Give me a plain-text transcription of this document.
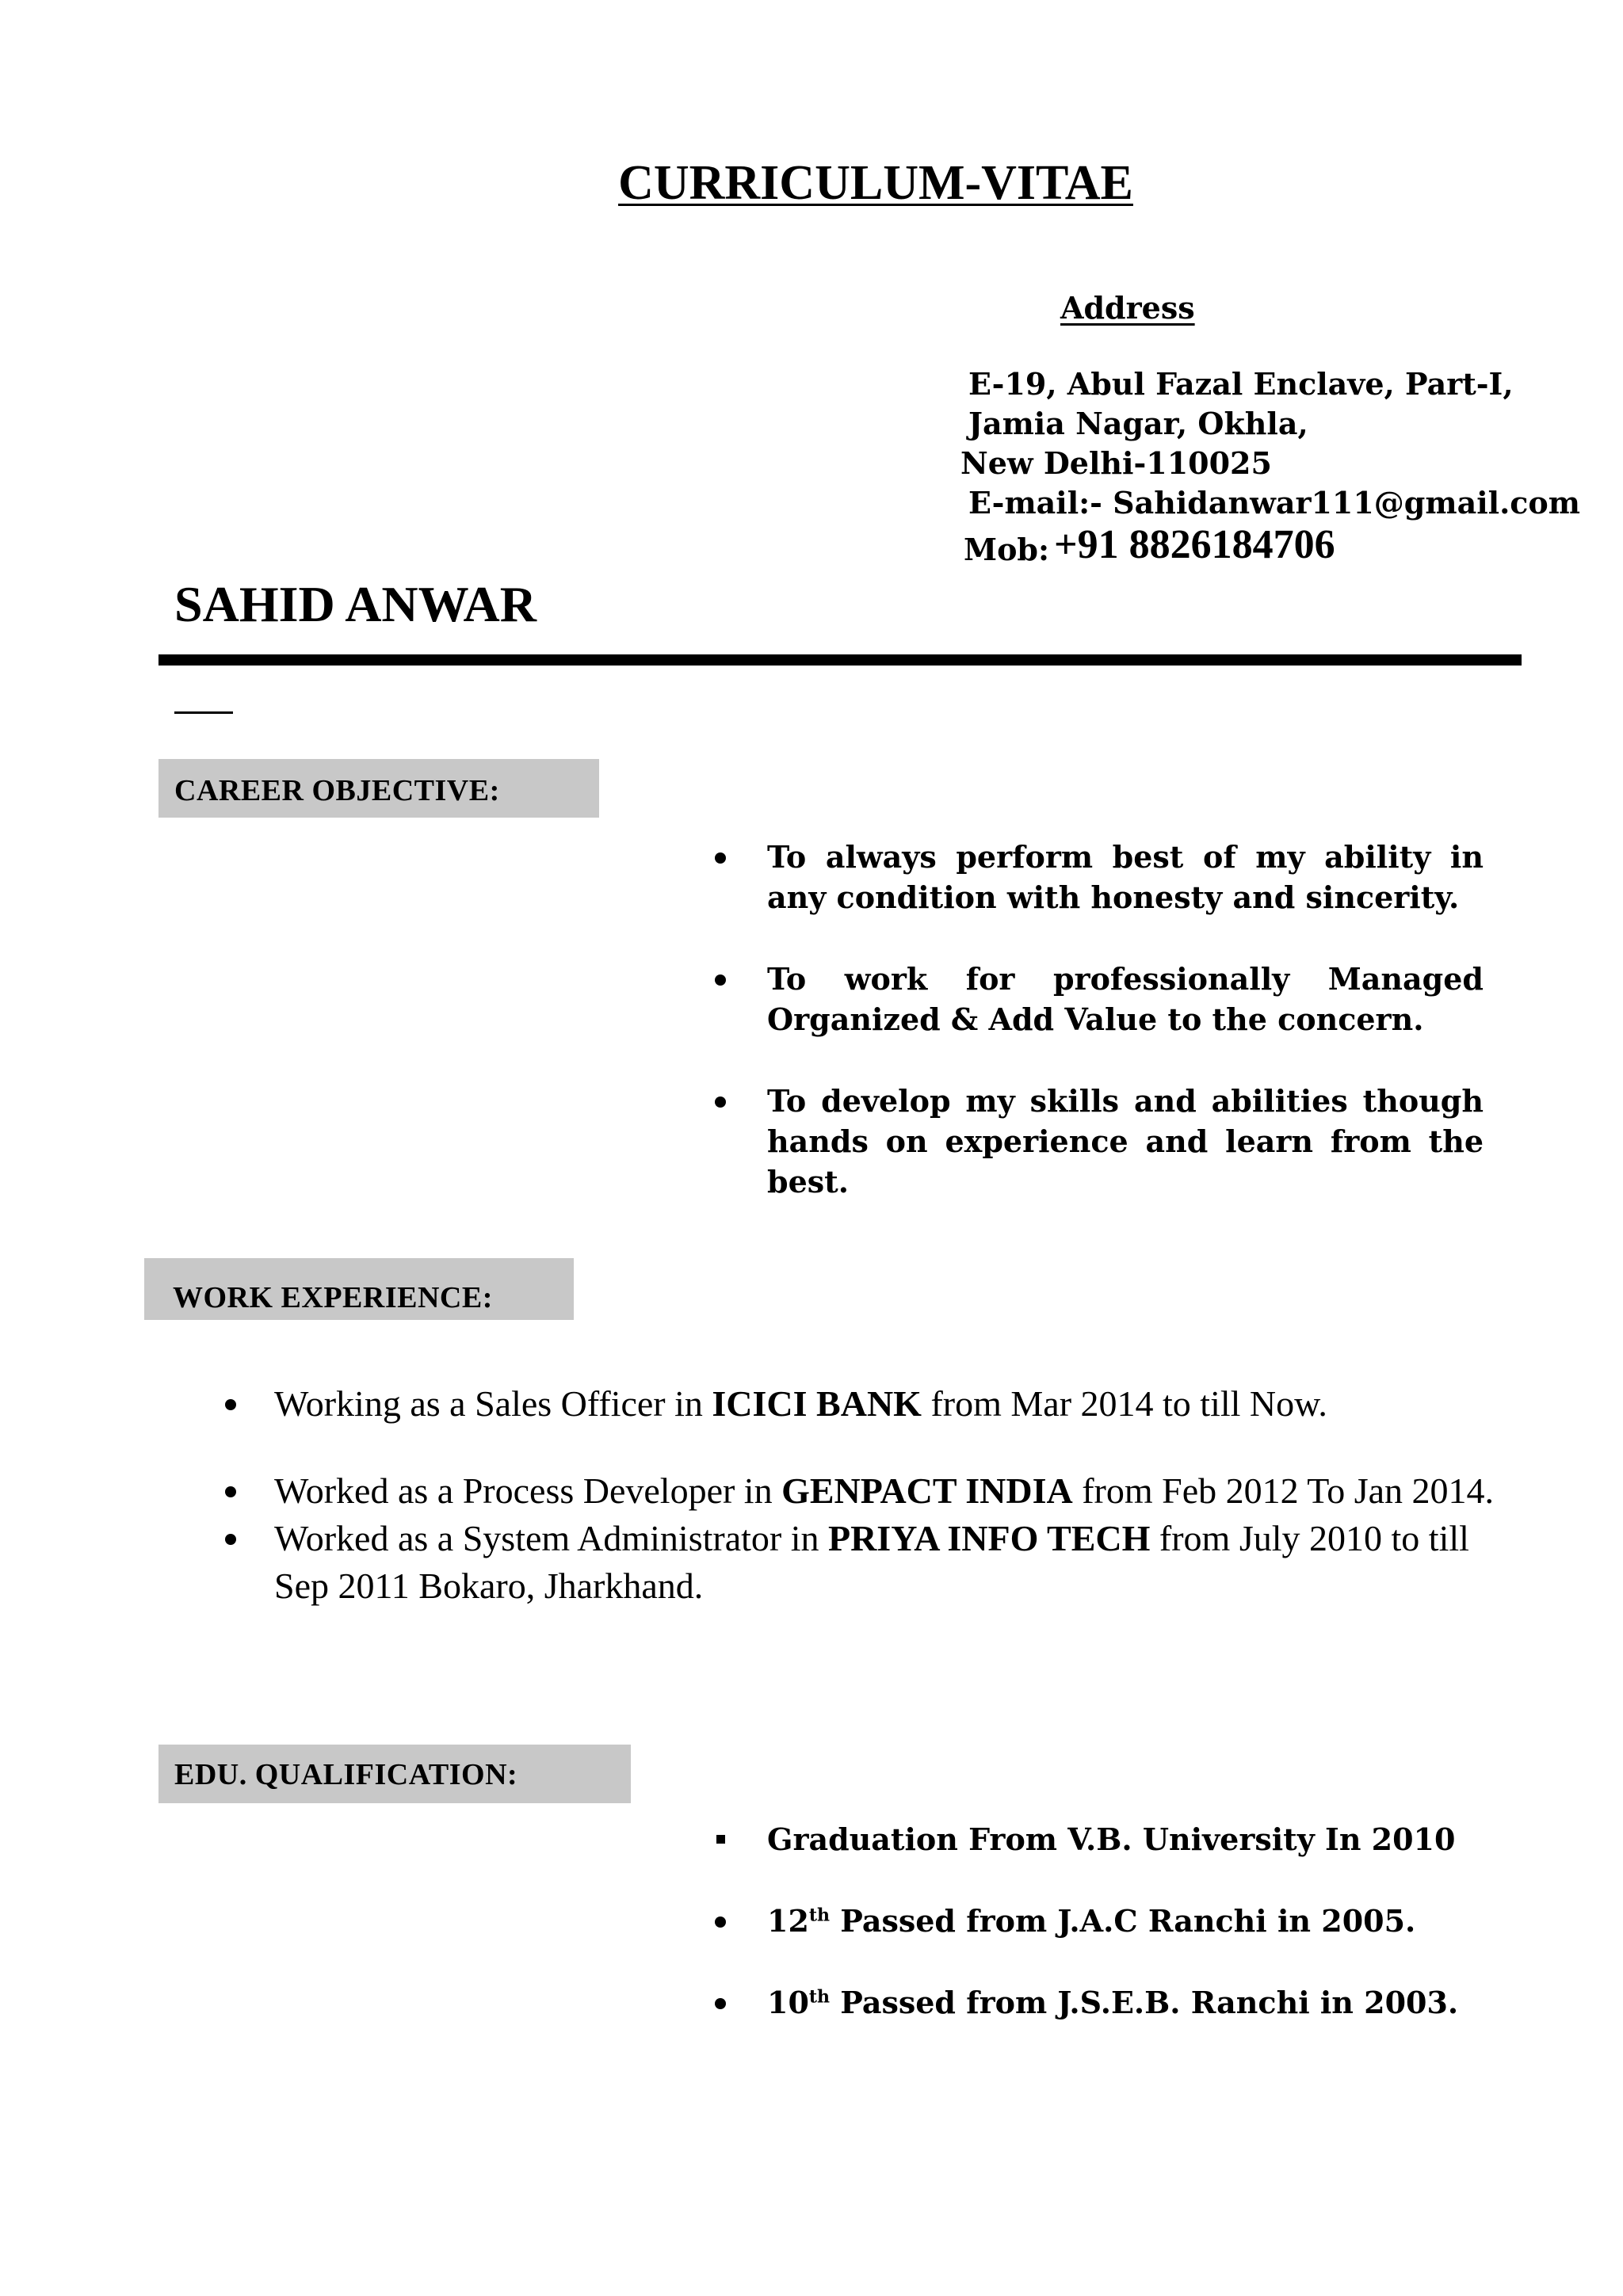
CURRICULUM-VITAE
Address
E-19, Abul Fazal Enclave, Part-I,
Jamia Nagar, Okhla,
New Delhi-110025
E-mail:- Sahidanwar111@gmail.com
Mob: +91 8826184706
SAHID ANWAR
CAREER OBJECTIVE:
To always perform best of my ability in any condition with honesty and sincerity.
To work for professionally Managed Organized & Add Value to the concern.
To develop my skills and abilities though hands on experience and learn from the best.
WORK EXPERIENCE:
Working as a Sales Officer in ICICI BANK from Mar 2014 to till Now.
Worked as a Process Developer in GENPACT INDIA from Feb 2012 To Jan 2014.
Worked as a System Administrator in PRIYA INFO TECH from July 2010 to till Sep 2011 Bokaro, Jharkhand.
EDU. QUALIFICATION:
Graduation From V.B. University In 2010
12th Passed from J.A.C Ranchi in 2005.
10th Passed from J.S.E.B. Ranchi in 2003.
